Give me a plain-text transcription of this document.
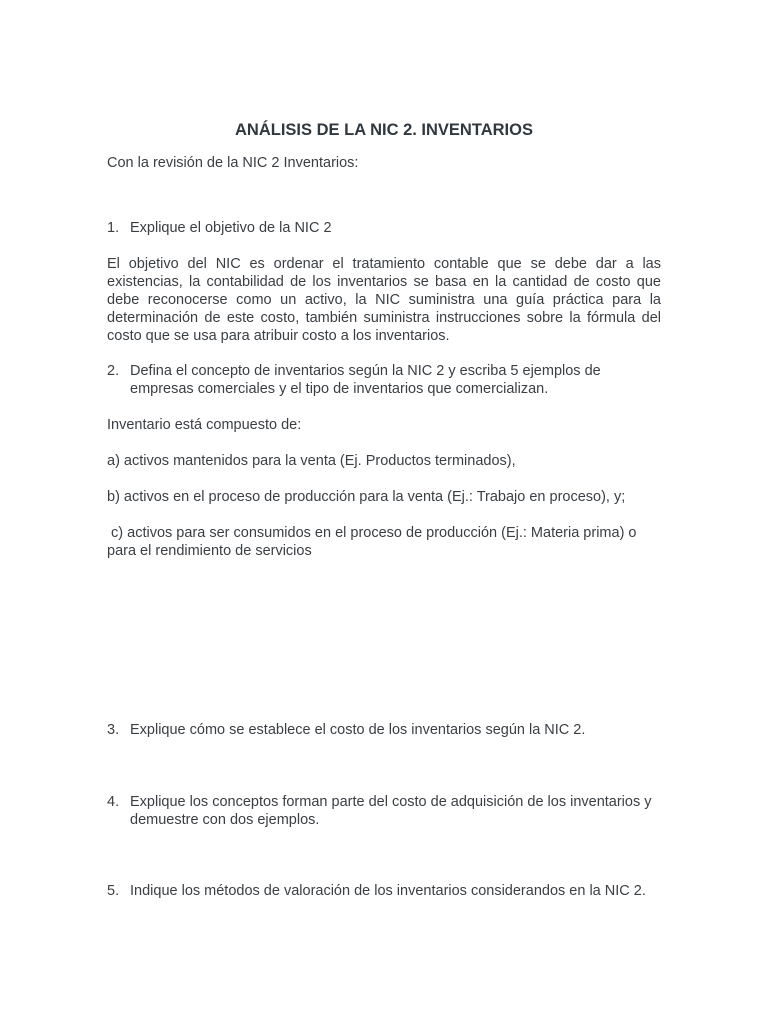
ANÁLISIS DE LA NIC 2. INVENTARIOS

Con la revisión de la NIC 2 Inventarios:

1. Explique el objetivo de la NIC 2

El objetivo del NIC es ordenar el tratamiento contable que se debe dar a las existencias, la contabilidad de los inventarios se basa en la cantidad de costo que debe reconocerse como un activo, la NIC suministra una guía práctica para la determinación de este costo, también suministra instrucciones sobre la fórmula del costo que se usa para atribuir costo a los inventarios.

2. Defina el concepto de inventarios según la NIC 2 y escriba 5 ejemplos de empresas comerciales y el tipo de inventarios que comercializan.

Inventario está compuesto de:

a) activos mantenidos para la venta (Ej. Productos terminados),

b) activos en el proceso de producción para la venta (Ej.: Trabajo en proceso), y;

c) activos para ser consumidos en el proceso de producción (Ej.: Materia prima) o para el rendimiento de servicios

3. Explique cómo se establece el costo de los inventarios según la NIC 2.
4. Explique los conceptos forman parte del costo de adquisición de los inventarios y demuestre con dos ejemplos.
5. Indique los métodos de valoración de los inventarios considerandos en la NIC 2.
